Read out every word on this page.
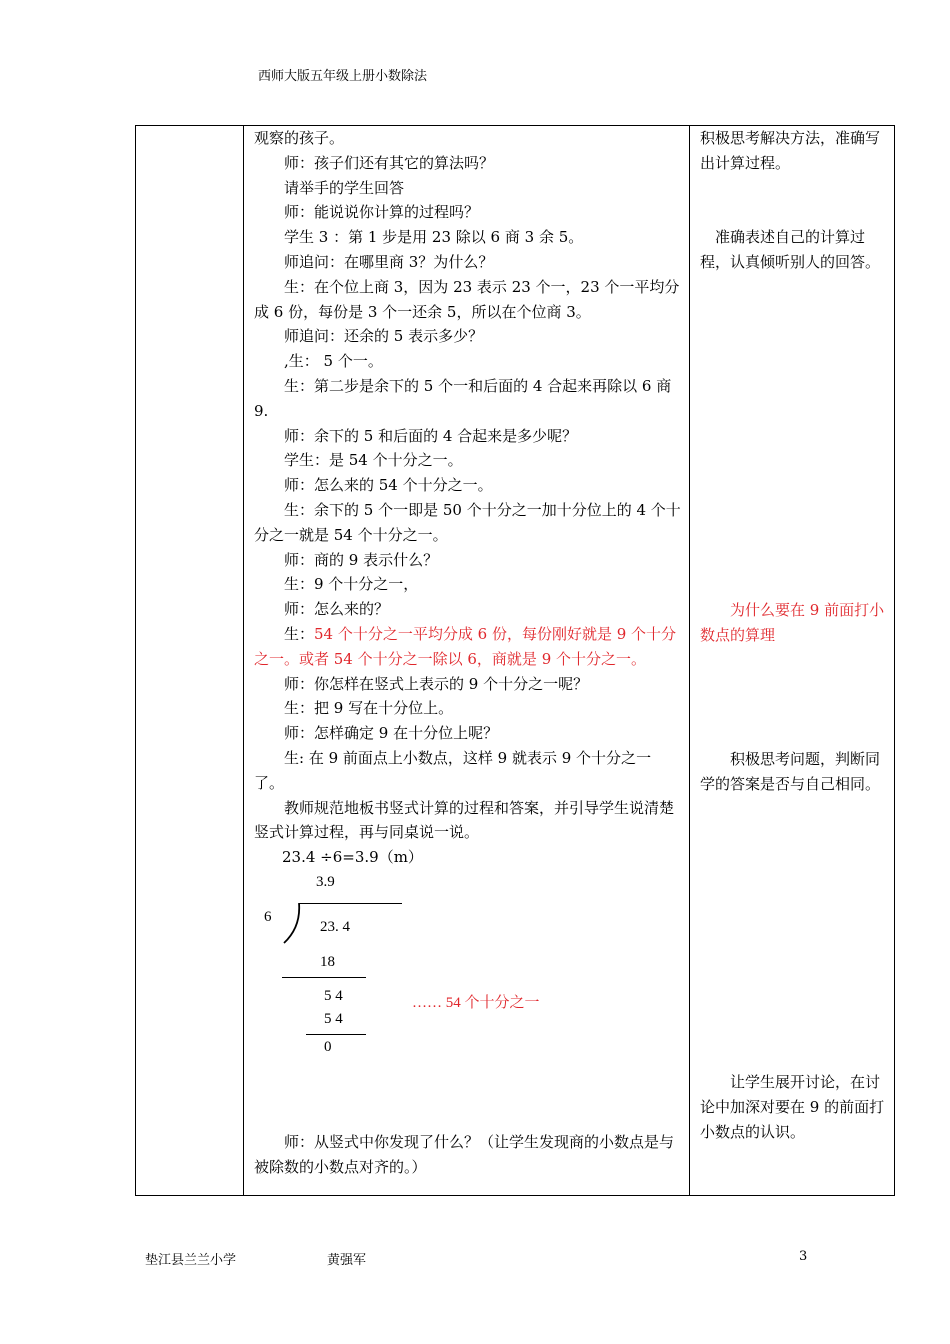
西师大版五年级上册小数除法

观察的孩子。
师：孩子们还有其它的算法吗？
请举手的学生回答
师：能说说你计算的过程吗？
学生 3 ：第 1 步是用 23 除以 6 商 3 余 5。
师追问：在哪里商 3？为什么？
生：在个位上商 3，因为 23 表示 23 个一，23 个一平均分成 6 份，每份是 3 个一还余 5，所以在个位商 3。
师追问：还余的 5 表示多少？
,生： 5 个一。
生：第二步是余下的 5 个一和后面的 4 合起来再除以 6 商 9.
师：余下的 5 和后面的 4 合起来是多少呢？
学生：是 54 个十分之一。
师：怎么来的 54 个十分之一。
生：余下的 5 个一即是 50 个十分之一加十分位上的 4 个十分之一就是 54 个十分之一。
师：商的 9 表示什么？
生：9 个十分之一，
师：怎么来的？
生：54 个十分之一平均分成 6 份，每份刚好就是 9 个十分之一。或者 54 个十分之一除以 6，商就是 9 个十分之一。
师：你怎样在竖式上表示的 9 个十分之一呢？
生：把 9 写在十分位上。
师：怎样确定 9 在十分位上呢？
生: 在 9 前面点上小数点，这样 9 就表示 9 个十分之一了。
教师规范地板书竖式计算的过程和答案，并引导学生说清楚竖式计算过程，再与同桌说一说。
23.4 ÷6=3.9（m）
3.9
6
23. 4
18
5 4
5 4
0
…… 54 个十分之一
师：从竖式中你发现了什么？（让学生发现商的小数点是与被除数的小数点对齐的。）

积极思考解决方法，准确写出计算过程。
准确表述自己的计算过程，认真倾听别人的回答。
为什么要在 9 前面打小数点的算理
积极思考问题，判断同学的答案是否与自己相同。
让学生展开讨论，在讨论中加深对要在 9 的前面打小数点的认识。
垫江县兰兰小学	黄强军	3
